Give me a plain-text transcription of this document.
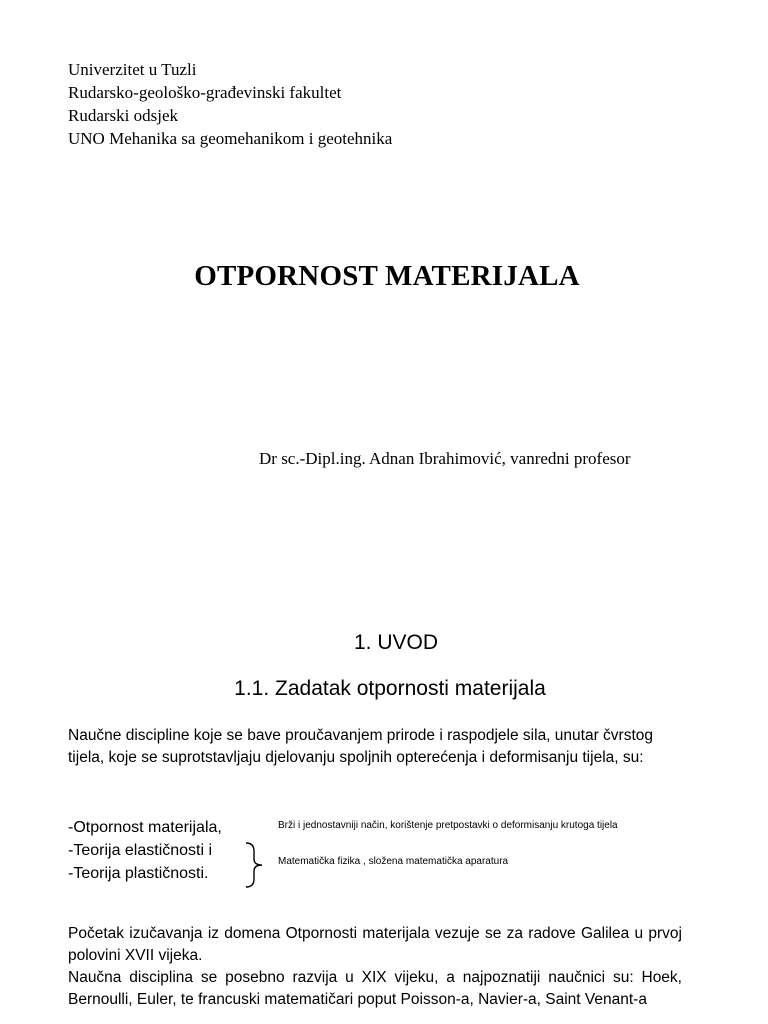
Univerzitet u Tuzli
Rudarsko-geološko-građevinski fakultet
Rudarski odsjek
UNO Mehanika sa geomehanikom i geotehnika
OTPORNOST MATERIJALA
Dr sc.-Dipl.ing. Adnan Ibrahimović, vanredni profesor
1. UVOD
1.1. Zadatak otpornosti materijala
Naučne discipline koje se bave proučavanjem prirode i raspodjele sila, unutar čvrstog tijela, koje se suprotstavljaju djelovanju spoljnih opterećenja i deformisanju tijela, su:
-Otpornost materijala,
-Teorija elastičnosti i
-Teorija plastičnosti.
Brži i jednostavniji način, korištenje pretpostavki o deformisanju krutoga tijela
Matematička fizika , složena matematička aparatura

Početak izučavanja iz domena Otpornosti materijala vezuje se za radove Galilea u prvoj polovini XVII vijeka.

Naučna disciplina se posebno razvija u XIX vijeku, a najpoznatiji naučnici su: Hoek, Bernoulli, Euler, te francuski matematičari poput Poisson-a, Navier-a, Saint Venant-a
